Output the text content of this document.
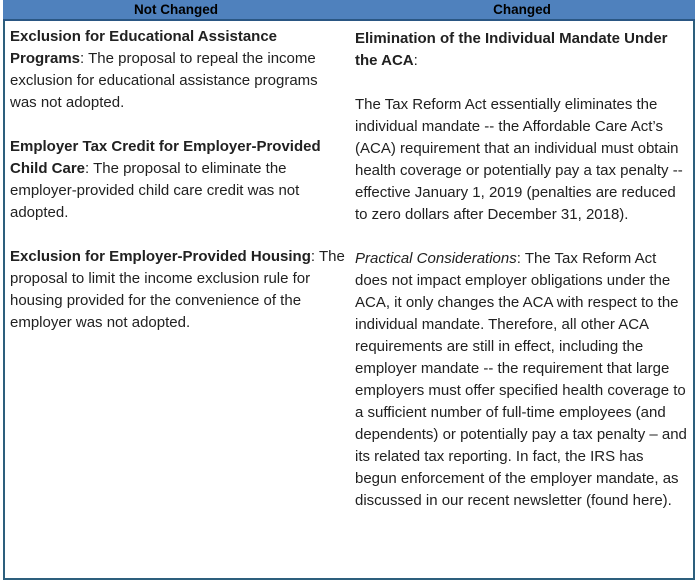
Not Changed	Changed

Exclusion for Educational Assistance Programs: The proposal to repeal the income exclusion for educational assistance programs was not adopted.

Employer Tax Credit for Employer-Provided Child Care: The proposal to eliminate the employer-provided child care credit was not adopted.

Exclusion for Employer-Provided Housing: The proposal to limit the income exclusion rule for housing provided for the convenience of the employer was not adopted.

Elimination of the Individual Mandate Under the ACA:

The Tax Reform Act essentially eliminates the individual mandate -- the Affordable Care Act’s (ACA) requirement that an individual must obtain health coverage or potentially pay a tax penalty -- effective January 1, 2019 (penalties are reduced to zero dollars after December 31, 2018).

Practical Considerations: The Tax Reform Act does not impact employer obligations under the ACA, it only changes the ACA with respect to the individual mandate. Therefore, all other ACA requirements are still in effect, including the employer mandate -- the requirement that large employers must offer specified health coverage to a sufficient number of full-time employees (and dependents) or potentially pay a tax penalty – and its related tax reporting. In fact, the IRS has begun enforcement of the employer mandate, as discussed in our recent newsletter (found here).
